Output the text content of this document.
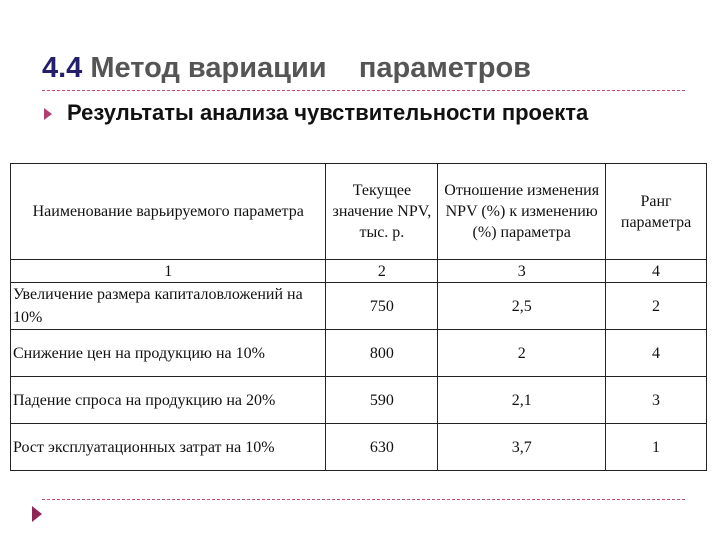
4.4 Метод вариации    параметров

Результаты анализа чувствительности проекта

Наименование варьируемого параметра	Текущее значение NPV, тыс. р.	Отношение изменения NPV (%) к изменению (%) параметра	Ранг параметра
1	2	3	4
Увеличение размера капиталовложений на 10%	750	2,5	2
Снижение цен на продукцию на 10%	800	2	4
Падение спроса на продукцию на 20%	590	2,1	3
Рост эксплуатационных затрат на 10%	630	3,7	1
